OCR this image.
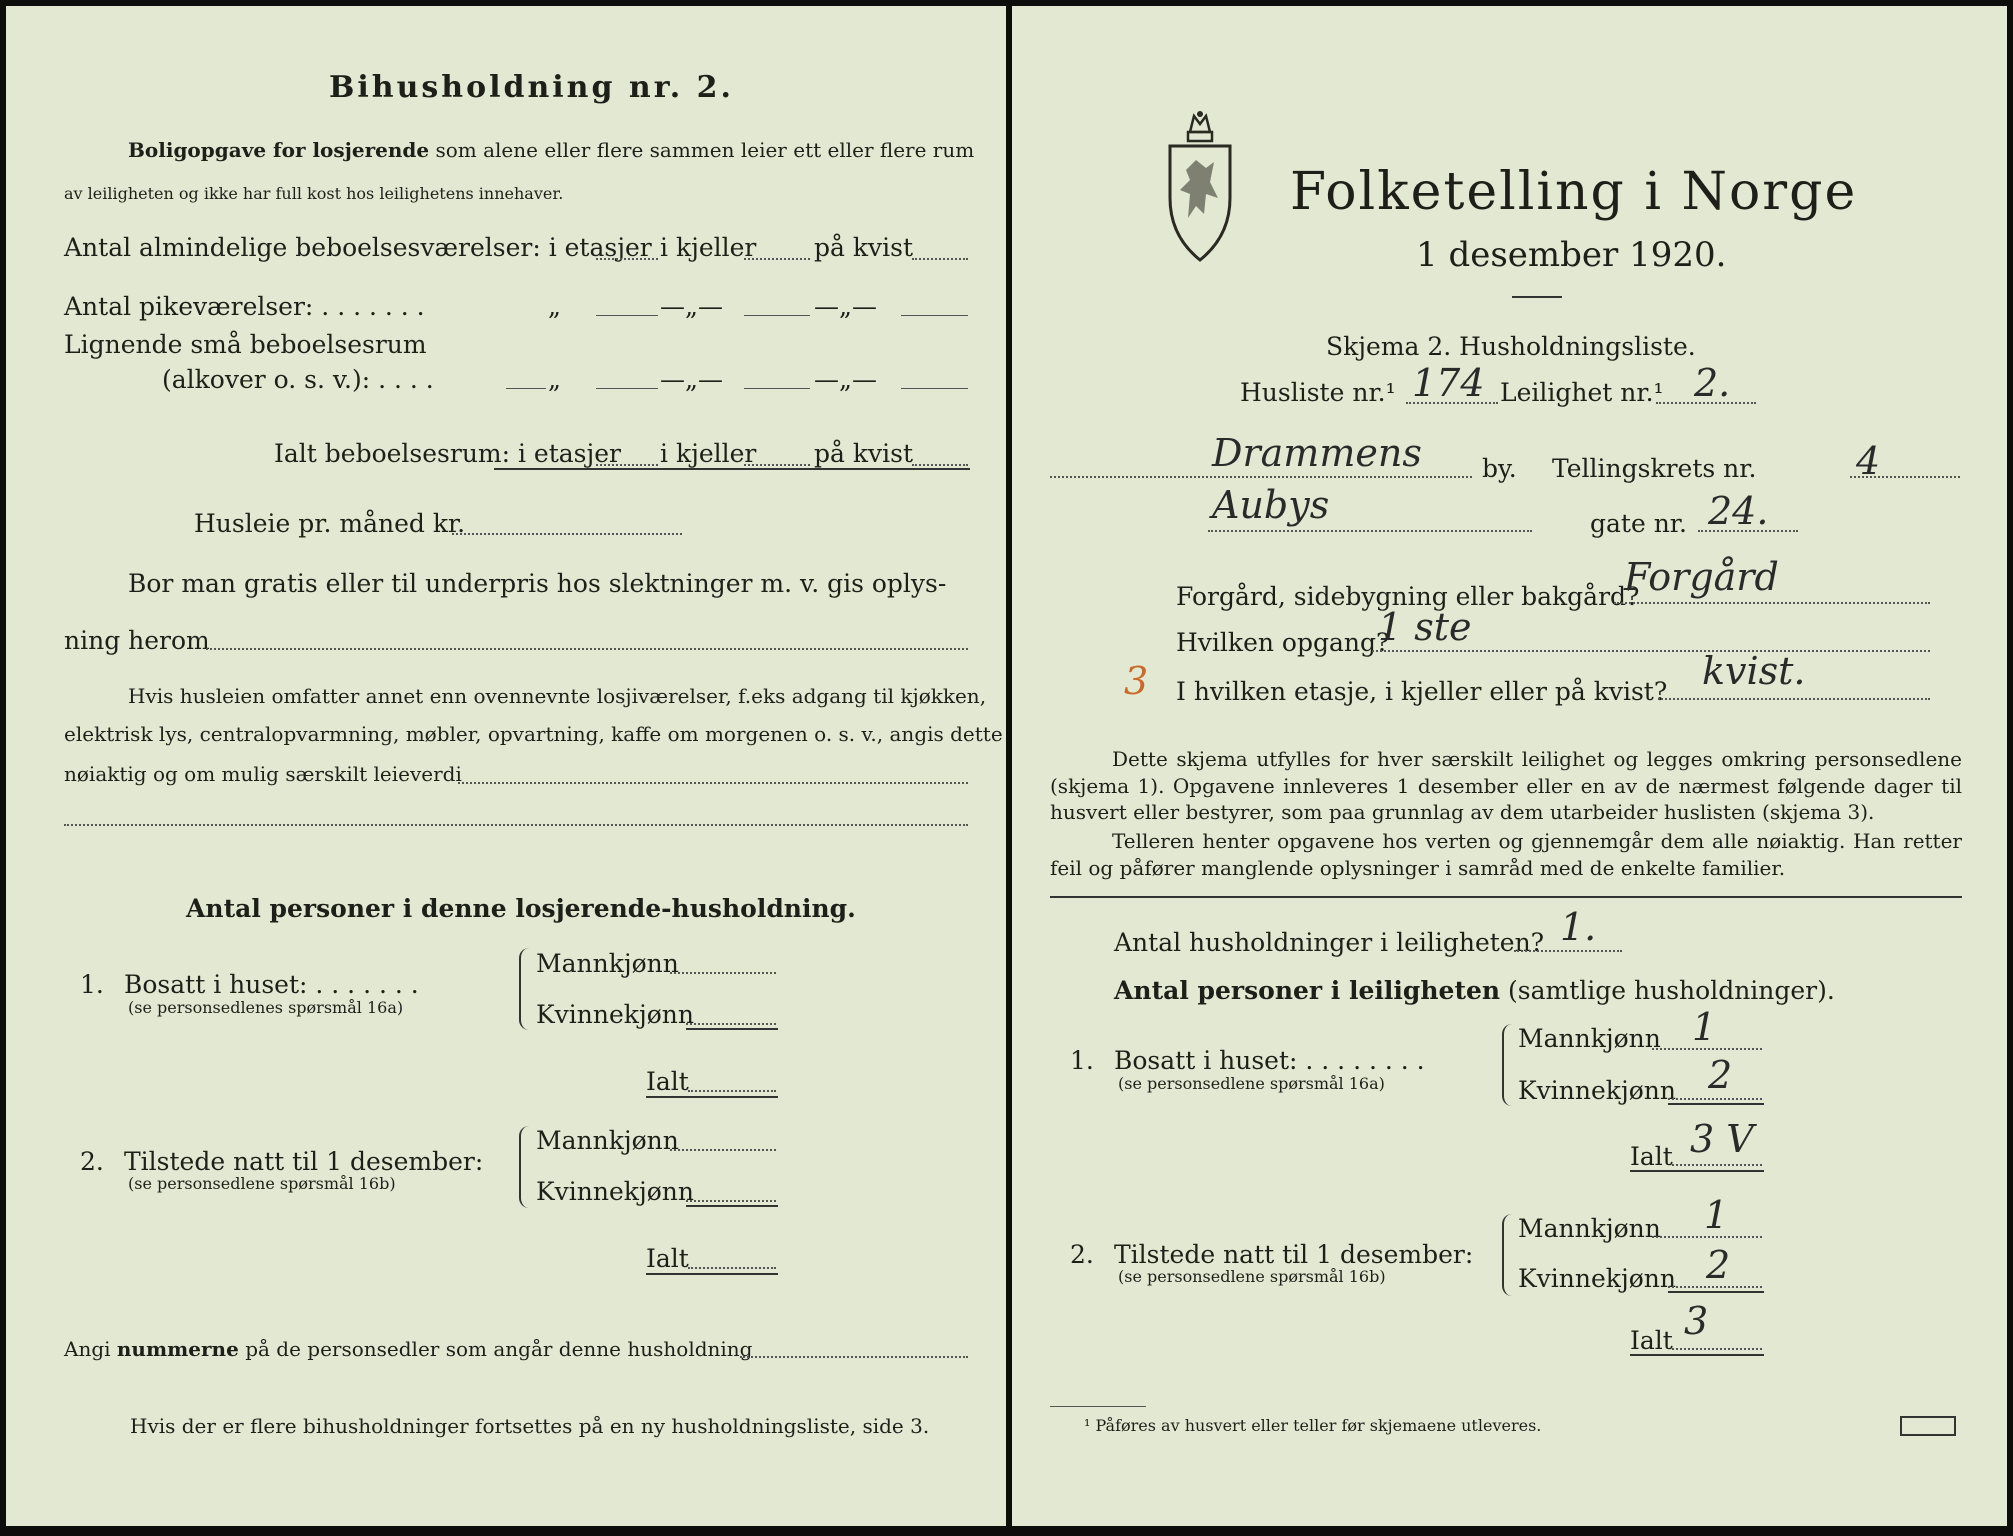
Bihusholdning nr. 2.
Boligopgave for losjerende som alene eller flere sammen leier ett eller flere rum
av leiligheten og ikke har full kost hos leilighetens innehaver.
Antal almindelige beboelsesværelser: i etasjer i kjeller på kvist
Antal pikeværelser: . . . . . . .	„	—„—	—„—
Lignende små beboelsesrum
(alkover o. s. v.): . . . .	„	—„—	—„—
Ialt beboelsesrum: i etasjer i kjeller på kvist
Husleie pr. måned kr.
Bor man gratis eller til underpris hos slektninger m. v. gis oplys-
ning herom
Hvis husleien omfatter annet enn ovennevnte losjiværelser, f.eks adgang til kjøkken,
elektrisk lys, centralopvarmning, møbler, opvartning, kaffe om morgenen o. s. v., angis dette
nøiaktig og om mulig særskilt leieverdi
Antal personer i denne losjerende-husholdning.
1. Bosatt i huset: . . . . . . .
(se personsedlenes spørsmål 16a)
Mannkjønn
Kvinnekjønn
Ialt
2. Tilstede natt til 1 desember:
(se personsedlene spørsmål 16b)
Mannkjønn
Kvinnekjønn
Ialt
Angi nummerne på de personsedler som angår denne husholdning
Hvis der er flere bihusholdninger fortsettes på en ny husholdningsliste, side 3.
Folketelling i Norge
1 desember 1920.
Skjema 2. Husholdningsliste.
Husliste nr.¹ 174 Leilighet nr.¹ 2.
Drammens by. Tellingskrets nr.	4
Aubys	gate nr. 24.
Forgård, sidebygning eller bakgård?
Forgård
Hvilken opgang?
1 ste
3 I hvilken etasje, i kjeller eller på kvist? kvist.
Dette skjema utfylles for hver særskilt leilighet og legges omkring personsedlene (skjema 1). Opgavene innleveres 1 desember eller en av de nærmest følgende dager til husvert eller bestyrer, som paa grunnlag av dem utarbeider huslisten (skjema 3).
Telleren henter opgavene hos verten og gjennemgår dem alle nøiaktig. Han retter feil og påfører manglende oplysninger i samråd med de enkelte familier.
Antal husholdninger i leiligheten? 1.
Antal personer i leiligheten (samtlige husholdninger).
1. Bosatt i huset: . . . . . . . .
(se personsedlene spørsmål 16a)
Mannkjønn 1
Kvinnekjønn 2
Ialt 3 V
2. Tilstede natt til 1 desember:
(se personsedlene spørsmål 16b)
Mannkjønn 1
Kvinnekjønn 2
Ialt 3
¹ Påføres av husvert eller teller før skjemaene utleveres.
